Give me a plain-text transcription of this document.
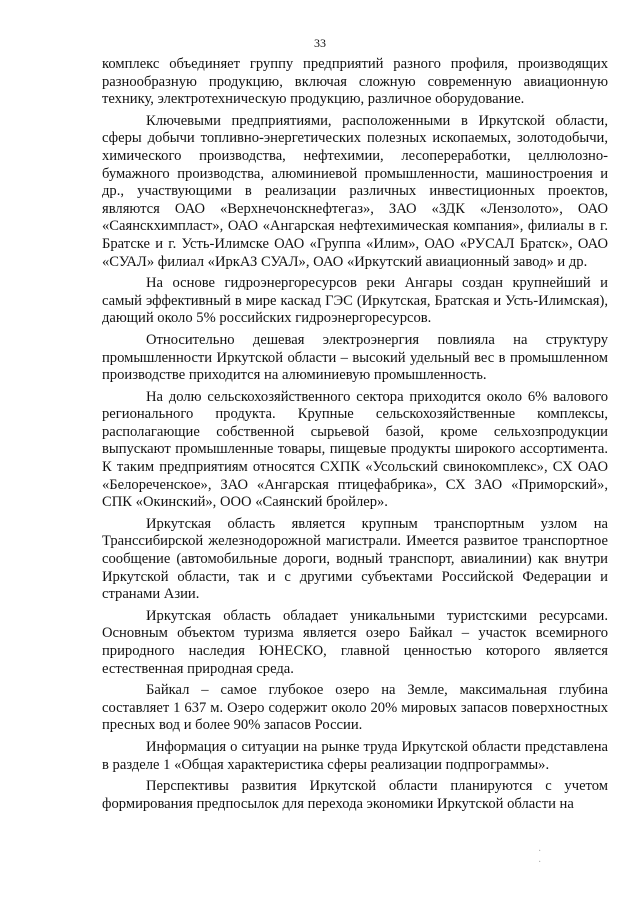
33

комплекс объединяет группу предприятий разного профиля, производящих разнообразную продукцию, включая сложную современную авиационную технику, электротехническую продукцию, различное оборудование.

Ключевыми предприятиями, расположенными в Иркутской области, сферы добычи топливно-энергетических полезных ископаемых, золотодобычи, химического производства, нефтехимии, лесопереработки, целлюлозно-бумажного производства, алюминиевой промышленности, машиностроения и др., участвующими в реализации различных инвестиционных проектов, являются ОАО «Верхнечонскнефтегаз», ЗАО «ЗДК «Лензолото», ОАО «Саянскхимпласт», ОАО «Ангарская нефтехимическая компания», филиалы в г. Братске и г. Усть-Илимске ОАО «Группа «Илим», ОАО «РУСАЛ Братск», ОАО «СУАЛ» филиал «ИркАЗ СУАЛ», ОАО «Иркутский авиационный завод» и др.

На основе гидроэнергоресурсов реки Ангары создан крупнейший и самый эффективный в мире каскад ГЭС (Иркутская, Братская и Усть-Илимская), дающий около 5% российских гидроэнергоресурсов.

Относительно дешевая электроэнергия повлияла на структуру промышленности Иркутской области – высокий удельный вес в промышленном производстве приходится на алюминиевую промышленность.

На долю сельскохозяйственного сектора приходится около 6% валового регионального продукта. Крупные сельскохозяйственные комплексы, располагающие собственной сырьевой базой, кроме сельхозпродукции выпускают промышленные товары, пищевые продукты широкого ассортимента. К таким предприятиям относятся СХПК «Усольский свинокомплекс», СХ ОАО «Белореченское», ЗАО «Ангарская птицефабрика», СХ ЗАО «Приморский», СПК «Окинский», ООО «Саянский бройлер».

Иркутская область является крупным транспортным узлом на Транссибирской железнодорожной магистрали. Имеется развитое транспортное сообщение (автомобильные дороги, водный транспорт, авиалинии) как внутри Иркутской области, так и с другими субъектами Российской Федерации и странами Азии.

Иркутская область обладает уникальными туристскими ресурсами. Основным объектом туризма является озеро Байкал – участок всемирного природного наследия ЮНЕСКО, главной ценностью которого является естественная природная среда.

Байкал – самое глубокое озеро на Земле, максимальная глубина составляет 1 637 м. Озеро содержит около 20% мировых запасов поверхностных пресных вод и более 90% запасов России.

Информация о ситуации на рынке труда Иркутской области представлена в разделе 1 «Общая характеристика сферы реализации подпрограммы».

Перспективы развития Иркутской области планируются с учетом формирования предпосылок для перехода экономики Иркутской области на

· ·
